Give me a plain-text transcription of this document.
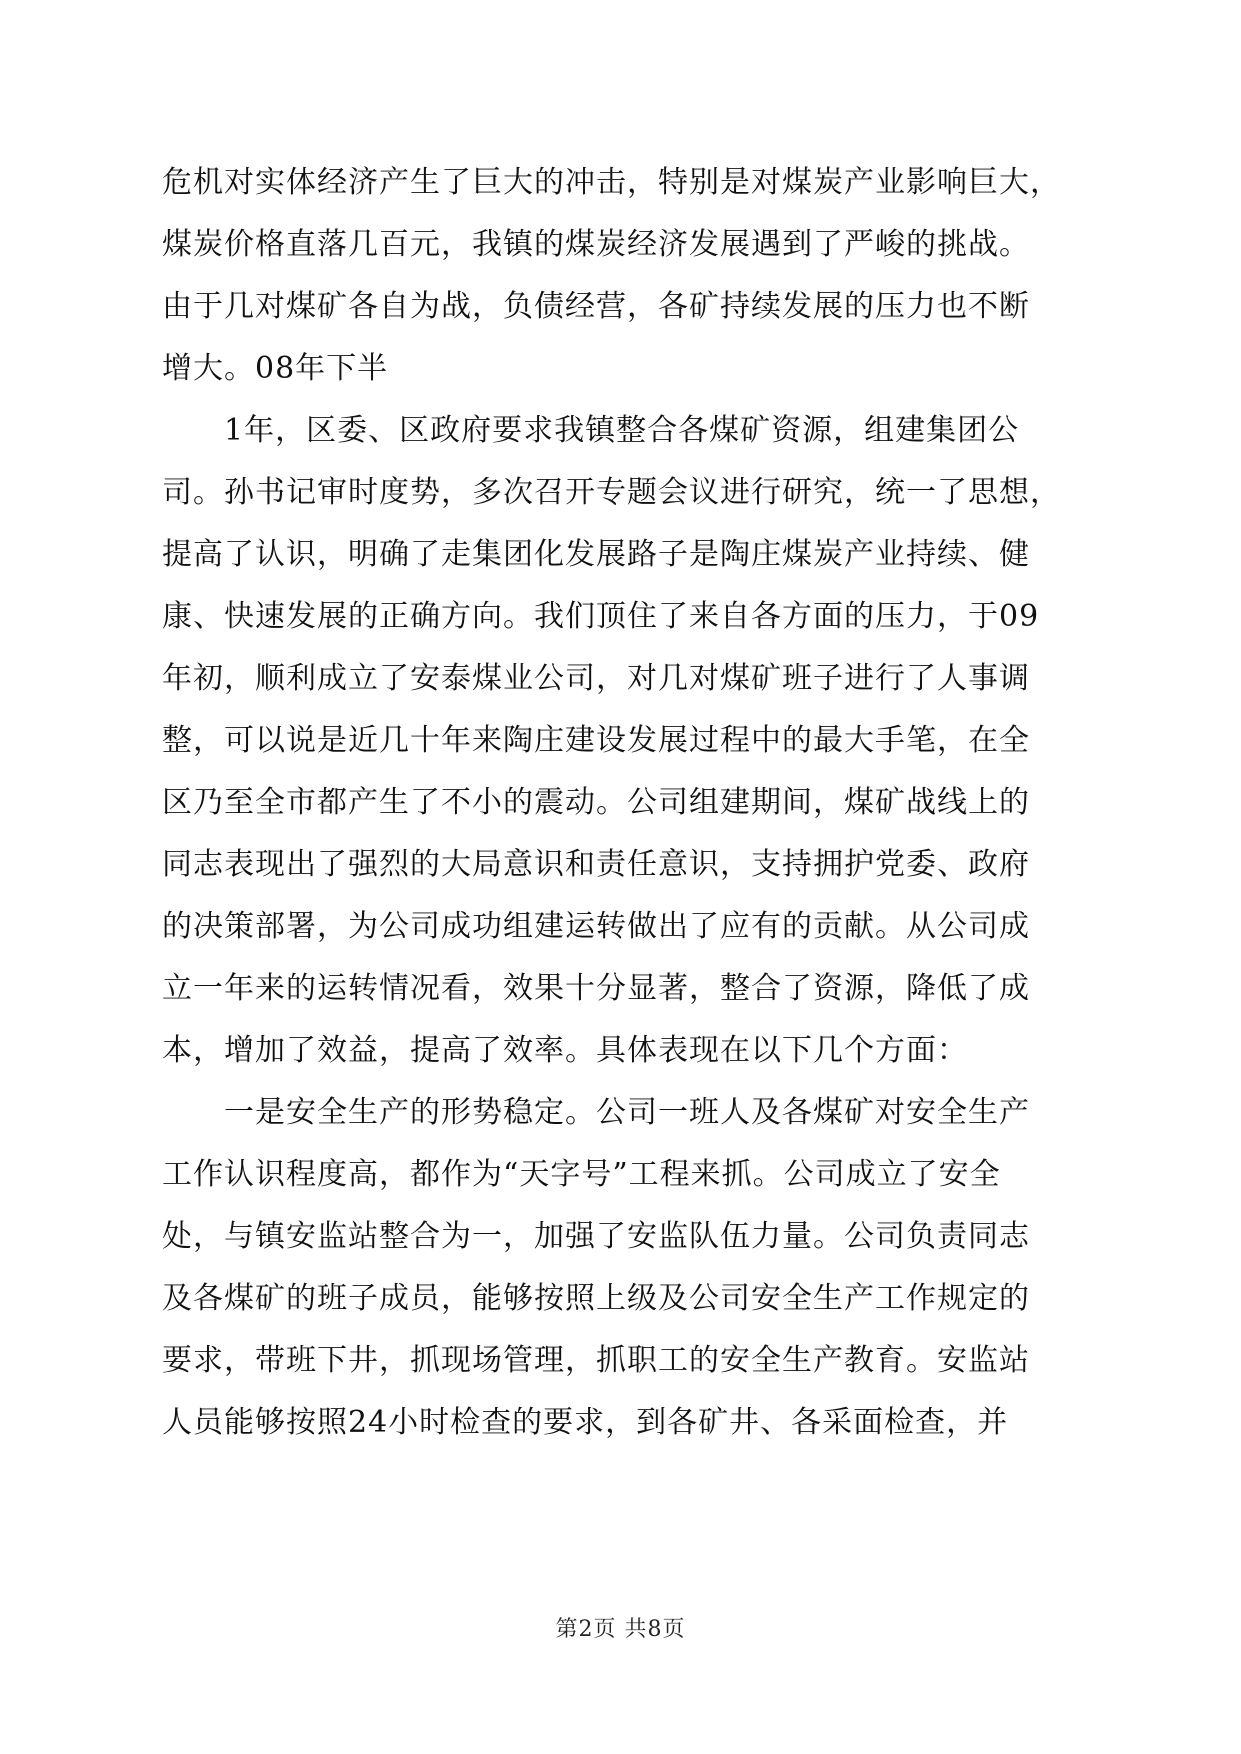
危机对实体经济产生了巨大的冲击，特别是对煤炭产业影响巨大，
煤炭价格直落几百元，我镇的煤炭经济发展遇到了严峻的挑战。
由于几对煤矿各自为战，负债经营，各矿持续发展的压力也不断
增大。08年下半
　　1年，区委、区政府要求我镇整合各煤矿资源，组建集团公
司。孙书记审时度势，多次召开专题会议进行研究，统一了思想，
提高了认识，明确了走集团化发展路子是陶庄煤炭产业持续、健
康、快速发展的正确方向。我们顶住了来自各方面的压力，于09
年初，顺利成立了安泰煤业公司，对几对煤矿班子进行了人事调
整，可以说是近几十年来陶庄建设发展过程中的最大手笔，在全
区乃至全市都产生了不小的震动。公司组建期间，煤矿战线上的
同志表现出了强烈的大局意识和责任意识，支持拥护党委、政府
的决策部署，为公司成功组建运转做出了应有的贡献。从公司成
立一年来的运转情况看，效果十分显著，整合了资源，降低了成
本，增加了效益，提高了效率。具体表现在以下几个方面：
　　一是安全生产的形势稳定。公司一班人及各煤矿对安全生产
工作认识程度高，都作为“天字号”工程来抓。公司成立了安全
处，与镇安监站整合为一，加强了安监队伍力量。公司负责同志
及各煤矿的班子成员，能够按照上级及公司安全生产工作规定的
要求，带班下井，抓现场管理，抓职工的安全生产教育。安监站
人员能够按照24小时检查的要求，到各矿井、各采面检查，并
第2页 共8页
